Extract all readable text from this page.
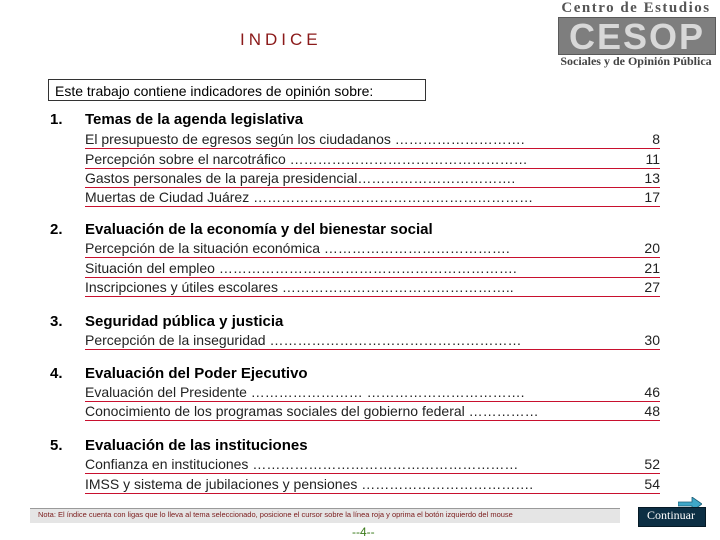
INDICE
Centro de Estudios
CESOP
Sociales y de Opinión Pública
Este trabajo contiene indicadores de opinión sobre:
1. Temas de la agenda legislativa
El presupuesto de egresos según los ciudadanos ……………………….	8
Percepción sobre el narcotráfico ……………………………………………	11
Gastos personales de la pareja presidencial…………………………….	13
Muertas de Ciudad Juárez ……………………………………………………	17
2. Evaluación de la economía y del bienestar social
Percepción de la situación económica ………………………………….	20
Situación del empleo ……………………………………………………….	21
Inscripciones y útiles escolares …………………………………………..	27
3. Seguridad pública y justicia
Percepción de la inseguridad ………………………………………………	30
4. Evaluación del Poder Ejecutivo
Evaluación del Presidente …………………… …………………………….	46
Conocimiento de los programas sociales del gobierno federal ……………	48
5. Evaluación de las instituciones
Confianza en instituciones …………………………………………………	52
IMSS y sistema de jubilaciones y pensiones ……………………………….	54
Nota: El índice cuenta con ligas que lo lleva al tema seleccionado, posicione el cursor sobre la línea roja y oprima el botón izquierdo del mouse
--4--
Continuar
